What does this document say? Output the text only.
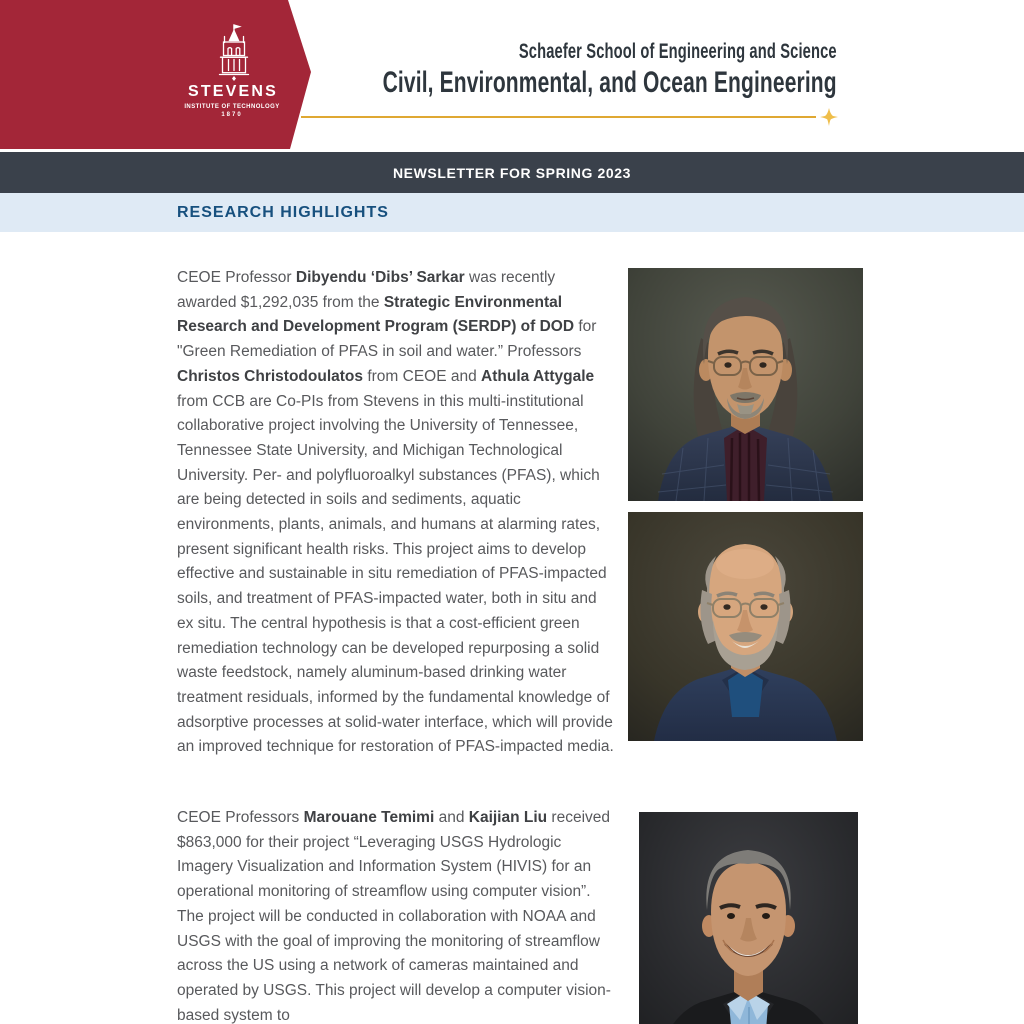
STEVENS
INSTITUTE OF TECHNOLOGY
1870
Schaefer School of Engineering and Science
Civil, Environmental, and Ocean Engineering
NEWSLETTER FOR SPRING 2023
RESEARCH HIGHLIGHTS

CEOE Professor Dibyendu ‘Dibs’ Sarkar was recently awarded $1,292,035 from the Strategic Environmental Research and Development Program (SERDP) of DOD for "Green Remediation of PFAS in soil and water.” Professors Christos Christodoulatos from CEOE and Athula Attygale from CCB are Co-PIs from Stevens in this multi-institutional collaborative project involving the University of Tennessee, Tennessee State University, and Michigan Technological University. Per- and polyfluoroalkyl substances (PFAS), which are being detected in soils and sediments, aquatic environments, plants, animals, and humans at alarming rates, present significant health risks. This project aims to develop effective and sustainable in situ remediation of PFAS-impacted soils, and treatment of PFAS-impacted water, both in situ and ex situ. The central hypothesis is that a cost-efficient green remediation technology can be developed repurposing a solid waste feedstock, namely aluminum-based drinking water treatment residuals, informed by the fundamental knowledge of adsorptive processes at solid-water interface, which will provide an improved technique for restoration of PFAS-impacted media.

CEOE Professors Marouane Temimi and Kaijian Liu received $863,000 for their project “Leveraging USGS Hydrologic Imagery Visualization and Information System (HIVIS) for an operational monitoring of streamflow using computer vision”. The project will be conducted in collaboration with NOAA and USGS with the goal of improving the monitoring of streamflow across the US using a network of cameras maintained and operated by USGS. This project will develop a computer vision-based system to
